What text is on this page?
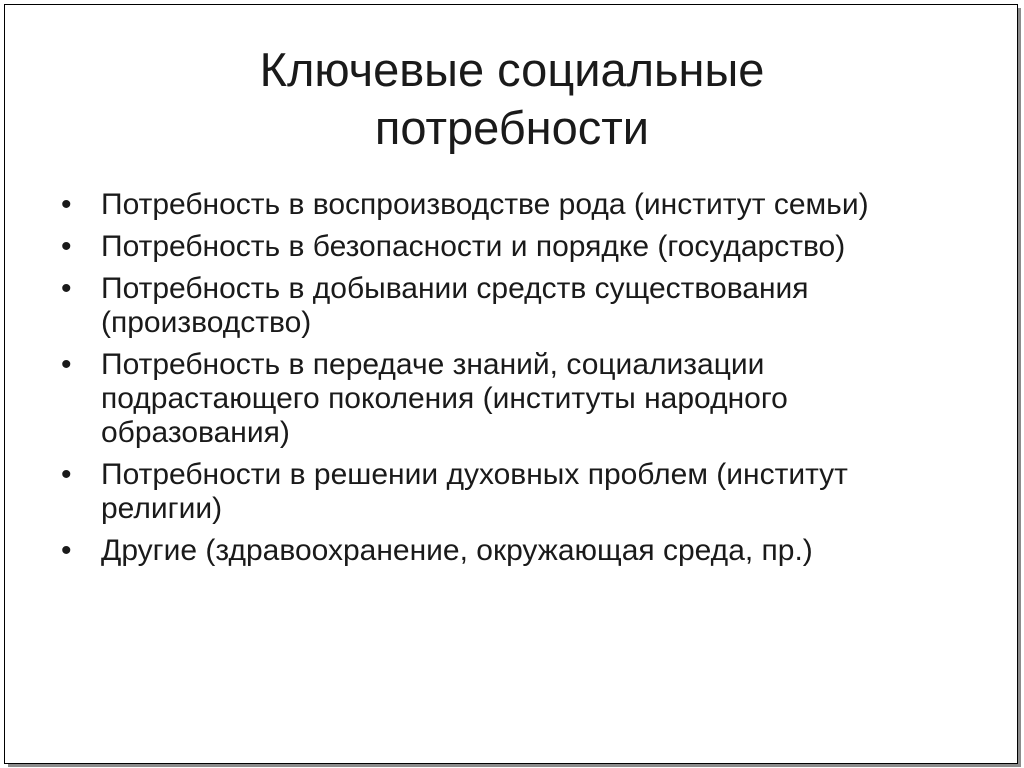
Ключевые социальные
потребности
• Потребность в воспроизводстве рода (институт семьи)
• Потребность в безопасности и порядке (государство)
• Потребность в добывании средств существования (производство)
• Потребность в передаче знаний, социализации подрастающего поколения (институты народного образования)
• Потребности в решении духовных проблем (институт религии)
• Другие (здравоохранение, окружающая среда, пр.)
